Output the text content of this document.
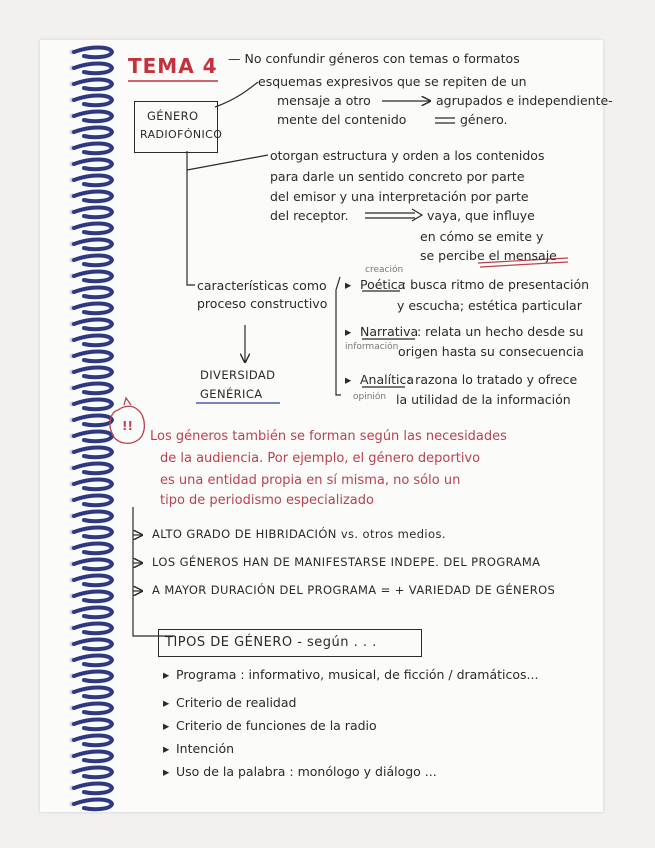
TEMA 4 — No confundir géneros con temas o formatos
GÉNERO
RADIOFÓNICO
esquemas expresivos que se repiten de un
mensaje a otro	agrupados e independiente-
mente del contenido	género.
otorgan estructura y orden a los contenidos
para darle un sentido concreto por parte
del emisor y una interpretación por parte
del receptor.	vaya, que influye
en cómo se emite y
se percibe el mensaje
características como
proceso constructivo
DIVERSIDAD
GENÉRICA
creación
▸ Poética
: busca ritmo de presentación
y escucha; estética particular
▸ Narrativa
: relata un hecho desde su
información origen hasta su consecuencia
▸ Analítica
: razona lo tratado y ofrece
opinión la utilidad de la información
!!
Los géneros también se forman según las necesidades
de la audiencia. Por ejemplo, el género deportivo
es una entidad propia en sí misma, no sólo un
tipo de periodismo especializado
ALTO GRADO DE HIBRIDACIÓN vs. otros medios.
LOS GÉNEROS HAN DE MANIFESTARSE INDEPE. DEL PROGRAMA
A MAYOR DURACIÓN DEL PROGRAMA = + VARIEDAD DE GÉNEROS
TIPOS DE GÉNERO - según . . .
▸ Programa : informativo, musical, de ficción / dramáticos...
▸ Criterio de realidad
▸ Criterio de funciones de la radio
▸ Intención
▸ Uso de la palabra : monólogo y diálogo ...
